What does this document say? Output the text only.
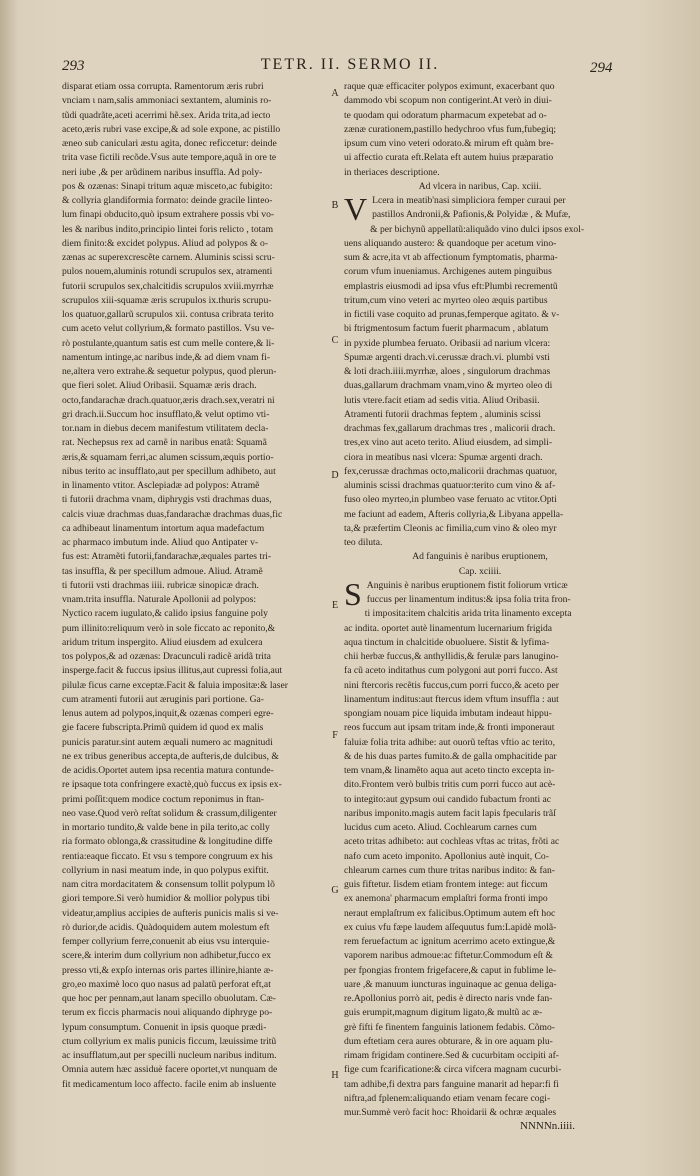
293	TETR. II. SERMO II.	294
disparat etiam ossa corrupta. Ramentorum æris rubri
vnciam ι nam,salis ammoniaci sextantem, aluminis ro-
tũdi quadrãte,aceti acerrimi hẽ.sex. Arida trita,ad iecto
aceto,æris rubri vase excipe,& ad sole expone, ac pistillo
æneo sub caniculari æstu agita, donec reficcetur: deinde
trita vase fictili recõde.Vsus aute tempore,aquã in ore te
neri iube ,& per arũdinem naribus insuffla. Ad poly-
pos & ozænas: Sinapi tritum aquæ misceto,ac fubigito:
& collyria glandiformia formato: deinde gracile linteo-
lum finapi obducito,quò ipsum extrahere possis vbi vo-
les & naribus indito,principio lintei foris relicto , totam
diem finito:& excidet polypus. Aliud ad polypos & o-
zænas ac superexcrescẽte carnem. Aluminis scissi scru-
pulos nouem,aluminis rotundi scrupulos sex, atramenti
futorii scrupulos sex,chalcitidis scrupulos xviii.myrrhæ
scrupulos xiii-squamæ æris scrupulos ix.thuris scrupu-
los quatuor,gallarũ scrupulos xii. contusa cribrata terito
cum aceto velut collyrium,& formato pastillos. Vsu ve-
rò postulante,quantum satis est cum melle contere,& li-
namentum intinge,ac naribus inde,& ad diem vnam fi-
ne,altera vero extrahe.& sequetur polypus, quod plerun-
que fieri solet. Aliud Oribasii. Squamæ æris drach.
octo,fandarachæ drach.quatuor,æris drach.sex,veratri ni
gri drach.ii.Succum hoc insufflato,& velut optimo vti-
tor.nam in diebus decem manifestum vtilitatem decla-
rat. Nechepsus rex ad carnẽ in naribus enatã: Squamã
æris,& squamam ferri,ac alumen scissum,æquis portio-
nibus terito ac insufflato,aut per specillum adhibeto, aut
in linamento vtitor. Asclepiadæ ad polypos: Atramẽ
ti futorii drachma vnam, diphrygis vsti drachmas duas,
calcis viuæ drachmas duas,fandarachæ drachmas duas,fic
ca adhibeaut linamentum intortum aqua madefactum
ac pharmaco imbutum inde. Aliud quo Antipater v-
fus est: Atramẽti futorii,fandarachæ,æquales partes tri-
tas insuffla, & per specillum admoue. Aliud. Atramẽ
ti futorii vsti drachmas iiii. rubricæ sinopicæ drach.
vnam.trita insuffla. Naturale Apollonii ad polypos:
Nyctico racem iugulato,& calido ipsius fanguine poly
pum illinito:reliquum verò in sole ficcato ac reponito,&
aridum tritum inspergito. Aliud eiusdem ad exulcera
tos polypos,& ad ozænas: Dracunculi radicẽ aridã trita
insperge.facit & fuccus ipsius illitus,aut cupressi folia,aut
pilulæ ficus carne exceptæ.Facit & faluia impositæ:& laser
cum atramenti futorii aut æruginis pari portione. Ga-
lenus autem ad polypos,inquit,& ozænas comperi egre-
gie facere fubscripta.Primũ quidem id quod ex malis
punicis paratur.sint autem æquali numero ac magnitudi
ne ex tribus generibus accepta,de aufteris,de dulcibus, &
de acidis.Oportet autem ipsa recentia matura contunde-
re ipsaque tota confringere exactè,quò fuccus ex ipsis ex-
primi poſſit:quem modice coctum reponimus in ftan-
neo vase.Quod verò reſtat solidum & crassum,diligenter
in mortario tundito,& valde bene in pila terito,ac colly
ria formato oblonga,& crassitudine & longitudine diffe
rentia:eaque ficcato. Et vsu s tempore congruum ex his
collyrium in nasi meatum inde, in quo polypus exiftit.
nam citra mordacitatem & consensum tollit polypum lõ
giori tempore.Si verò humidior & mollior polypus tibi
videatur,amplius accipies de aufteris punicis malis si ve-
rò durior,de acidis. Quàdoquidem autem molestum eft
femper collyrium ferre,conuenit ab eius vsu interquie-
scere,& interim dum collyrium non adhibetur,fucco ex
presso vti,& expſo internas oris partes illinire,hiante æ-
gro,eo maximè loco quo nasus ad palatũ perforat eft,at
que hoc per pennam,aut lanam specillo obuolutam. Cæ-
terum ex ficcis pharmacis noui aliquando diphryge po-
lypum consumptum. Conuenit in ipsis quoque prædi-
ctum collyrium ex malis punicis ficcum, læuissime tritũ
ac insufflatum,aut per specilli nucleum naribus inditum.
Omnia autem hæc assiduè facere oportet,vt nunquam de
fit medicamentum loco affecto. facile enim ab insluente
A
B
C
D
E
F
G
H
raque quæ efficaciter polypos eximunt, exacerbant quo
dammodo vbi scopum non contigerint.At verò in diui-
te quodam qui odoratum pharmacum expetebat ad o-
zænæ curationem,pastillo hedychroo vfus fum,fubegiq;
ipsum cum vino veteri odorato.& mirum eft quàm bre-
ui affectio curata eft.Relata eft autem huius præparatio
in theriaces descriptione.
Ad vlcera in naribus, Cap. xciii.
V Lcera in meatib'nasi simpliciora femper curaui per
pastillos Andronii,& Pafionis,& Polyidæ , & Mufæ,
& per bichynũ appellatũ:aliquãdo vino dulci ipsos exol-
uens aliquando austero: & quandoque per acetum vino-
sum & acre,ita vt ab affectionum fymptomatis, pharma-
corum vfum inueniamus. Archigenes autem pinguibus
emplastris eiusmodi ad ipsa vfus eft:Plumbi recrementũ
tritum,cum vino veteri ac myrteo oleo æquis partibus
in fictili vase coquito ad prunas,femperque agitato. & v-
bi ftrigmentosum factum fuerit pharmacum , ablatum
in pyxide plumbea feruato. Oribasii ad narium vlcera:
Spumæ argenti drach.vi.cerussæ drach.vi. plumbi vsti
& loti drach.iiii.myrrhæ, aloes , singulorum drachmas
duas,gallarum drachmam vnam,vino & myrteo oleo di
lutis vtere.facit etiam ad sedis vitia. Aliud Oribasii.
Atramenti futorii drachmas feptem , aluminis scissi
drachmas fex,gallarum drachmas tres , malicorii drach.
tres,ex vino aut aceto terito. Aliud eiusdem, ad simpli-
ciora in meatibus nasi vlcera: Spumæ argenti drach.
fex,cerussæ drachmas octo,malicorii drachmas quatuor,
aluminis scissi drachmas quatuor:terito cum vino & af-
fuso oleo myrteo,in plumbeo vase feruato ac vtitor.Opti
me faciunt ad eadem, Afteris collyria,& Libyana appella-
ta,& præfertim Cleonis ac fimilia,cum vino & oleo myr
teo diluta.
Ad fanguinis è naribus eruptionem,
Cap. xciiii.
S Anguinis è naribus eruptionem fistit foliorum vrticæ
fuccus per linamentum inditus:& ipsa folia trita fron-
ti imposita:item chalcitis arida trita linamento excepta
ac indita. oportet autè linamentum lucernarium frigida
aqua tinctum in chalcitide obuoluere. Sistit & lyfima-
chii herbæ fuccus,& anthyllidis,& ferulæ pars lanugino-
fa cũ aceto inditathus cum polygoni aut porri fucco. Ast
nini ftercoris recẽtis fuccus,cum porri fucco,& aceto per
linamentum inditus:aut ftercus idem vftum insuffla : aut
spongiam nouam pice liquida imbutam indeaut hippu-
reos fuccum aut ipsam tritam inde,& fronti imponeraut
faluiæ folia trita adhibe: aut ouorũ teftas vftio ac terito,
& de his duas partes fumito.& de galla omphacitide par
tem vnam,& linamẽto aqua aut aceto tincto excepta in-
dito.Frontem verò bulbis tritis cum porri fucco aut acè-
to integito:aut gypsum oui candido fubactum fronti ac
naribus imponito.magis autem facit lapis fpecularis trãſ
lucidus cum aceto. Aliud. Cochlearum carnes cum
aceto tritas adhibeto: aut cochleas vftas ac tritas, frõti ac
nafo cum aceto imponito. Apollonius autè inquit, Co-
chlearum carnes cum thure tritas naribus indito: & fan-
guis fiftetur. Iisdem etiam frontem intege: aut ficcum
ex anemona' pharmacum emplaſtri forma fronti impo
neraut emplaſtrum ex falicibus.Optimum autem eft hoc
ex cuius vfu fæpe laudem aſſequutus fum:Lapidè molã-
rem feruefactum ac ignitum acerrimo aceto extingue,&
vaporem naribus admoue:ac fiftetur.Commodum eſt &
per fpongias frontem frigefacere,& caput in fublime le-
uare ,& manuum iuncturas inguinaque ac genua deliga-
re.Apollonius porrò ait, pedis è directo naris vnde fan-
guis erumpit,magnum digitum ligato,& multũ ac æ-
grè fifti fe finentem fanguinis lationem fedabis. Cõmo-
dum eftetiam cera aures obturare, & in ore aquam plu-
rimam frigidam continere.Sed & cucurbitam occipiti af-
fige cum fcarificatione:& circa vifcera magnam cucurbi-
tam adhibe,fi dextra pars fanguine manarit ad hepar:fi fi
niftra,ad fplenem:aliquando etiam venam fecare cogi-
mur.Summè verò facit hoc: Rhoidarii & ochræ æquales
NNNNn.iiii.
